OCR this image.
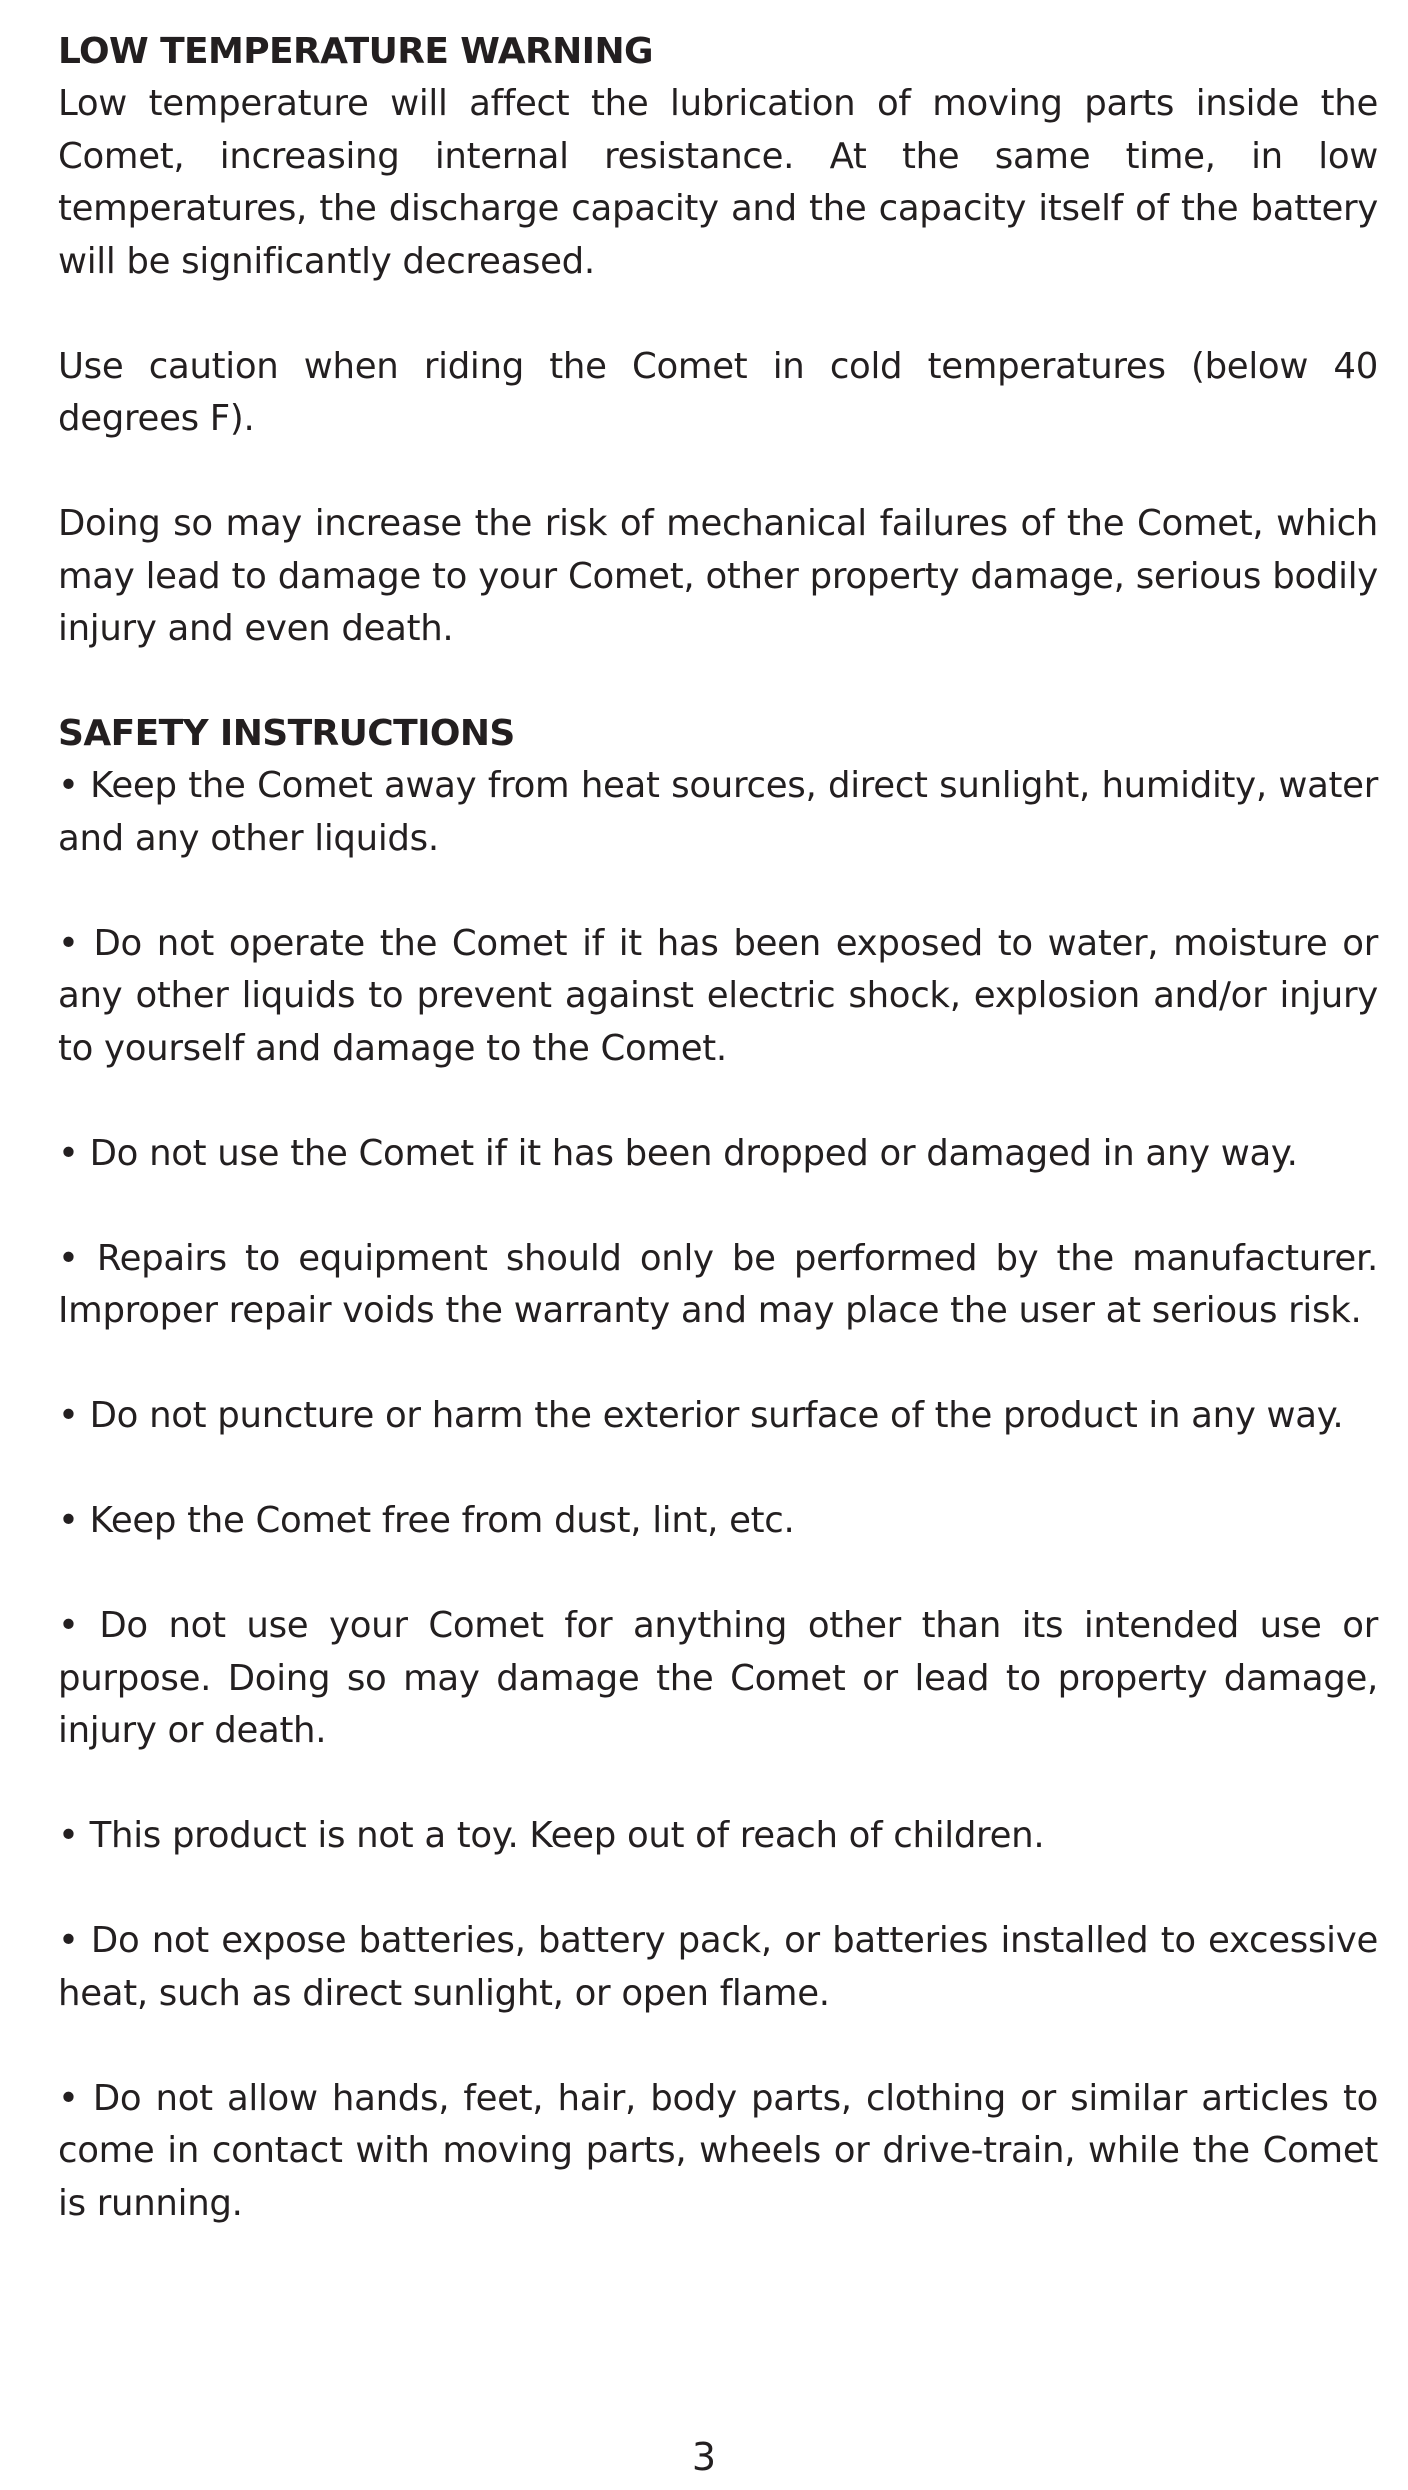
LOW TEMPERATURE WARNING

Low temperature will affect the lubrication of moving parts inside the Comet, increasing internal resistance. At the same time, in low temperatures, the discharge capacity and the capacity itself of the battery will be significantly decreased.

Use caution when riding the Comet in cold temperatures (below 40 degrees F).

Doing so may increase the risk of mechanical failures of the Comet, which may lead to damage to your Comet, other property damage, serious bodily injury and even death.

SAFETY INSTRUCTIONS

• Keep the Comet away from heat sources, direct sunlight, humidity, water and any other liquids.

• Do not operate the Comet if it has been exposed to water, moisture or any other liquids to prevent against electric shock, explosion and/or injury to yourself and damage to the Comet.

• Do not use the Comet if it has been dropped or damaged in any way.

• Repairs to equipment should only be performed by the manufacturer. Improper repair voids the warranty and may place the user at serious risk.

• Do not puncture or harm the exterior surface of the product in any way.

• Keep the Comet free from dust, lint, etc.

• Do not use your Comet for anything other than its intended use or purpose. Doing so may damage the Comet or lead to property damage, injury or death.

• This product is not a toy. Keep out of reach of children.

• Do not expose batteries, battery pack, or batteries installed to excessive heat, such as direct sunlight, or open flame.

• Do not allow hands, feet, hair, body parts, clothing or similar articles to come in contact with moving parts, wheels or drive-train, while the Comet is running.

3
